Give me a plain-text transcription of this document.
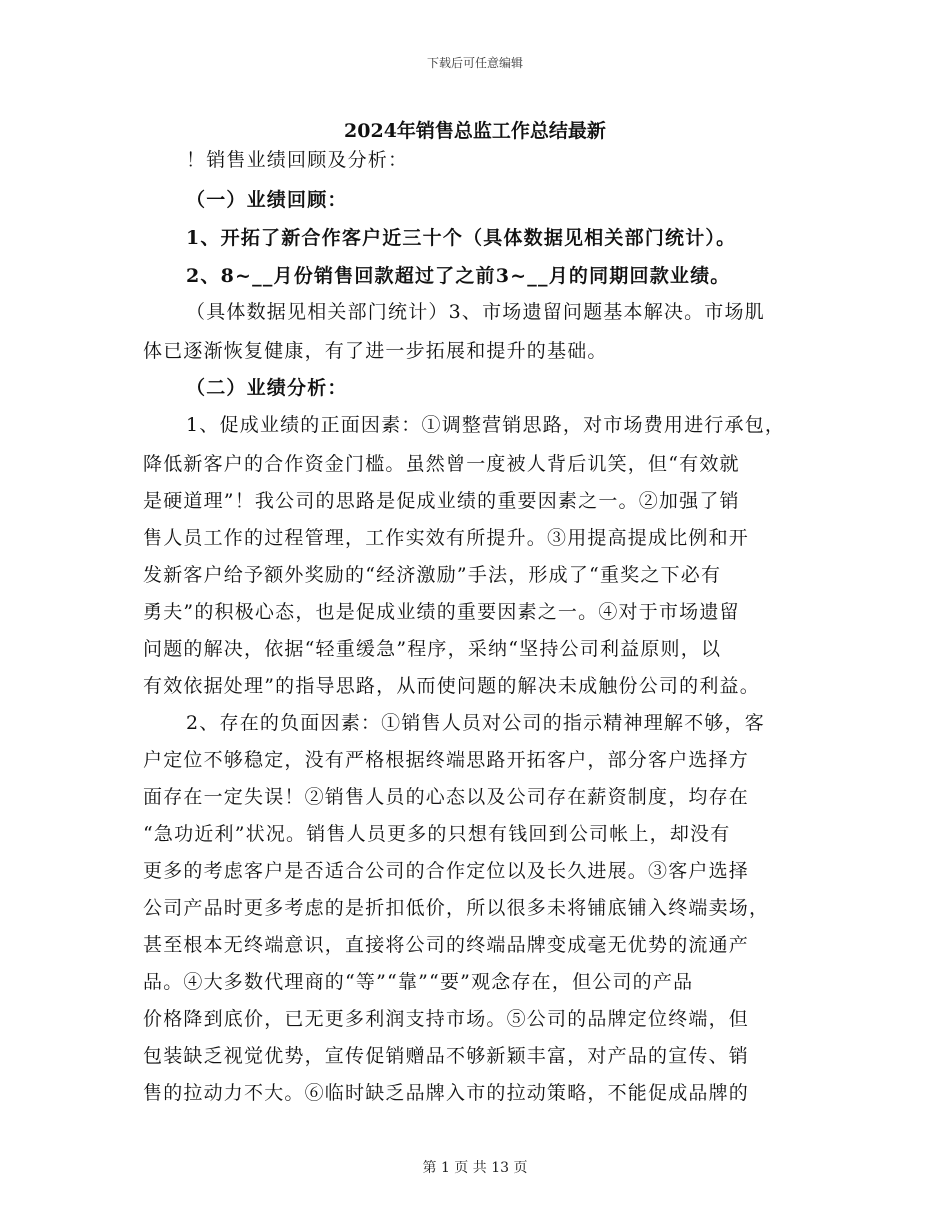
下载后可任意编辑
2024年销售总监工作总结最新
！销售业绩回顾及分析：
（一）业绩回顾：
1、开拓了新合作客户近三十个（具体数据见相关部门统计）。
2、8~__月份销售回款超过了之前3~__月的同期回款业绩。
（具体数据见相关部门统计）3、市场遗留问题基本解决。市场肌
体已逐渐恢复健康，有了进一步拓展和提升的基础。
（二）业绩分析：
1、促成业绩的正面因素：①调整营销思路，对市场费用进行承包，
降低新客户的合作资金门槛。虽然曾一度被人背后讥笑，但“有效就
是硬道理”！我公司的思路是促成业绩的重要因素之一。②加强了销
售人员工作的过程管理，工作实效有所提升。③用提高提成比例和开
发新客户给予额外奖励的“经济激励”手法，形成了“重奖之下必有
勇夫”的积极心态，也是促成业绩的重要因素之一。④对于市场遗留
问题的解决，依据“轻重缓急”程序，采纳“坚持公司利益原则，以
有效依据处理”的指导思路，从而使问题的解决未成触份公司的利益。
2、存在的负面因素：①销售人员对公司的指示精神理解不够，客
户定位不够稳定，没有严格根据终端思路开拓客户，部分客户选择方
面存在一定失误！②销售人员的心态以及公司存在薪资制度，均存在
“急功近利”状况。销售人员更多的只想有钱回到公司帐上，却没有
更多的考虑客户是否适合公司的合作定位以及长久进展。③客户选择
公司产品时更多考虑的是折扣低价，所以很多未将铺底铺入终端卖场，
甚至根本无终端意识，直接将公司的终端品牌变成毫无优势的流通产
品。④大多数代理商的“等”“靠”“要”观念存在，但公司的产品
价格降到底价，已无更多利润支持市场。⑤公司的品牌定位终端，但
包装缺乏视觉优势，宣传促销赠品不够新颖丰富，对产品的宣传、销
售的拉动力不大。⑥临时缺乏品牌入市的拉动策略，不能促成品牌的
第 1 页 共 13 页
